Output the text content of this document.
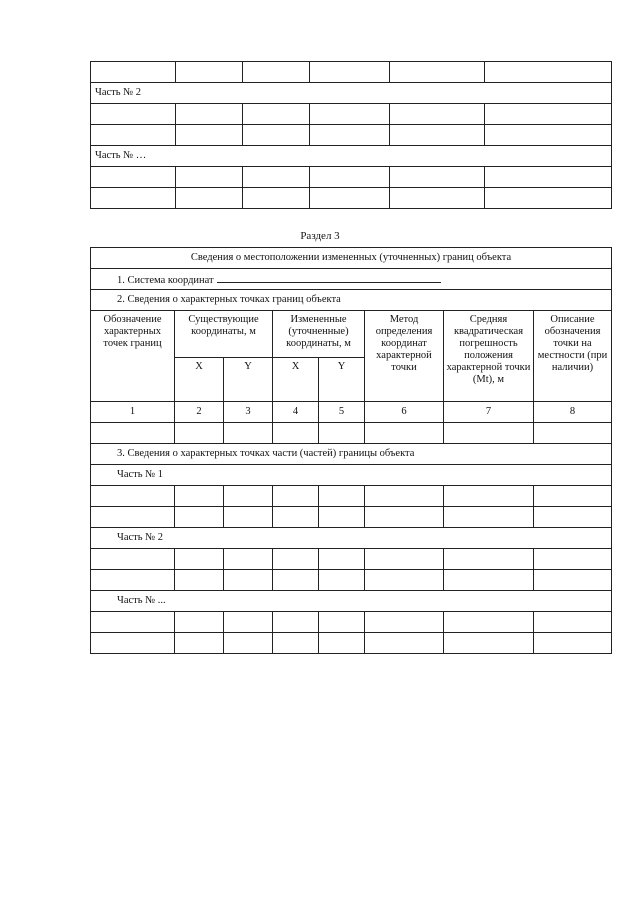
Часть № 2					

Часть № …					

Раздел 3
Сведения о местоположении измененных (уточненных) границ объекта							
1. Система координат							
2. Сведения о характерных точках границ объекта							
Обозначение характерных точек границ	Существующие координаты, м		Измененные (уточненные) координаты, м		Метод определения координат характерной точки	Средняя квадратическая погрешность положения характерной точки (Mt), м	Описание обозначения точки на местности (при наличии)
	X	Y	X	Y			
1	2	3	4	5	6	7	8

3. Сведения о характерных точках части (частей) границы объекта							
Часть № 1							

Часть № 2							

Часть № ...							
